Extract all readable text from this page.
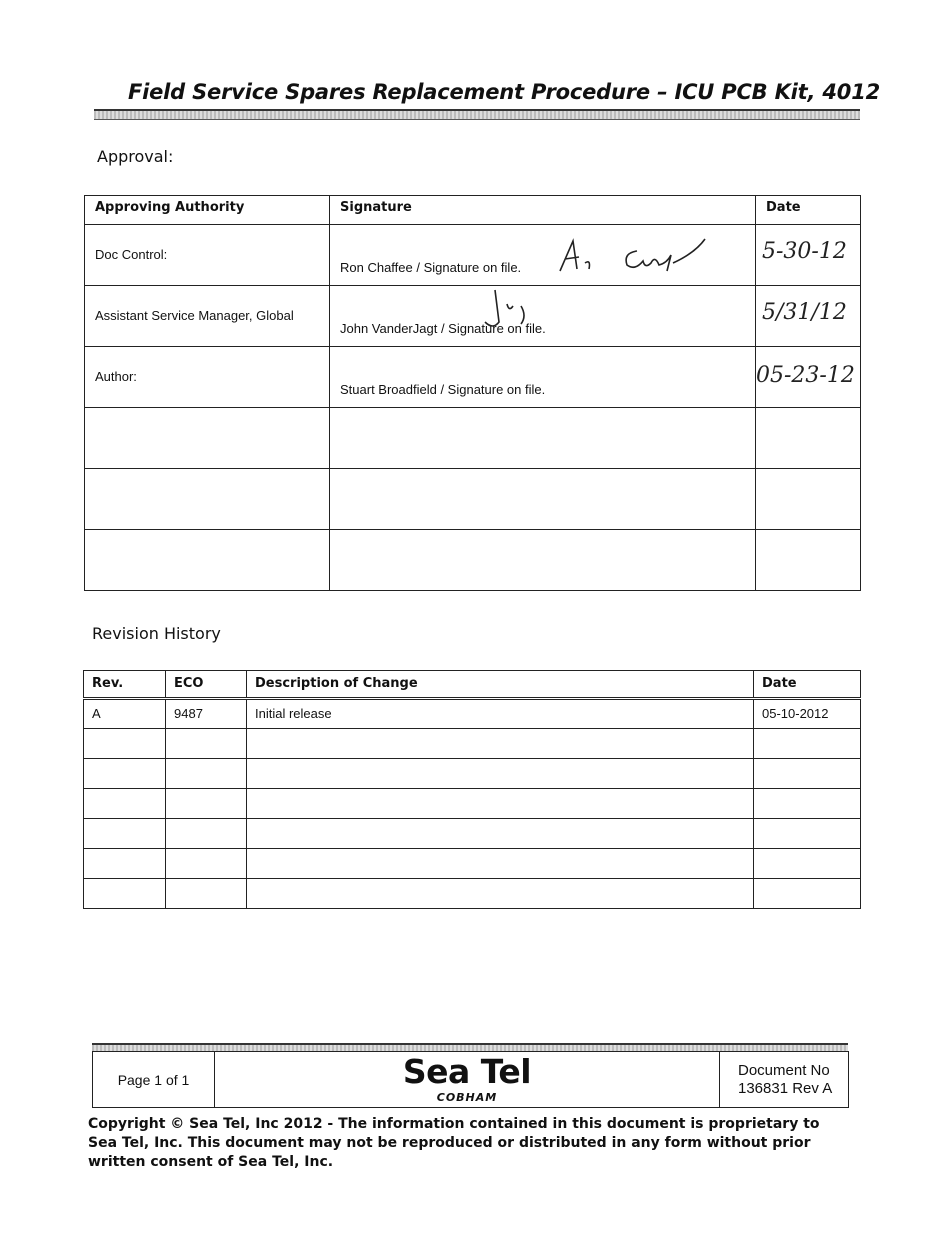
Field Service Spares Replacement Procedure – ICU PCB Kit, 4012
Approval:
Approving Authority	Signature	Date
Doc Control:	Ron Chaffee / Signature on file.	5-30-12

Assistant Service Manager, Global	John VanderJagt / Signature on file.	5/31/12

Author:	Stuart Broadfield / Signature on file.	05-23-12

Revision History
Rev.	ECO	Description of Change	Date
A	9487	Initial release	05-10-2012

Page 1 of 1	Sea Tel
COBHAM

Document No
136831 Rev A
Copyright © Sea Tel, Inc 2012 - The information contained in this document is proprietary to Sea Tel, Inc. This document may not be reproduced or distributed in any form without prior written consent of Sea Tel, Inc.
